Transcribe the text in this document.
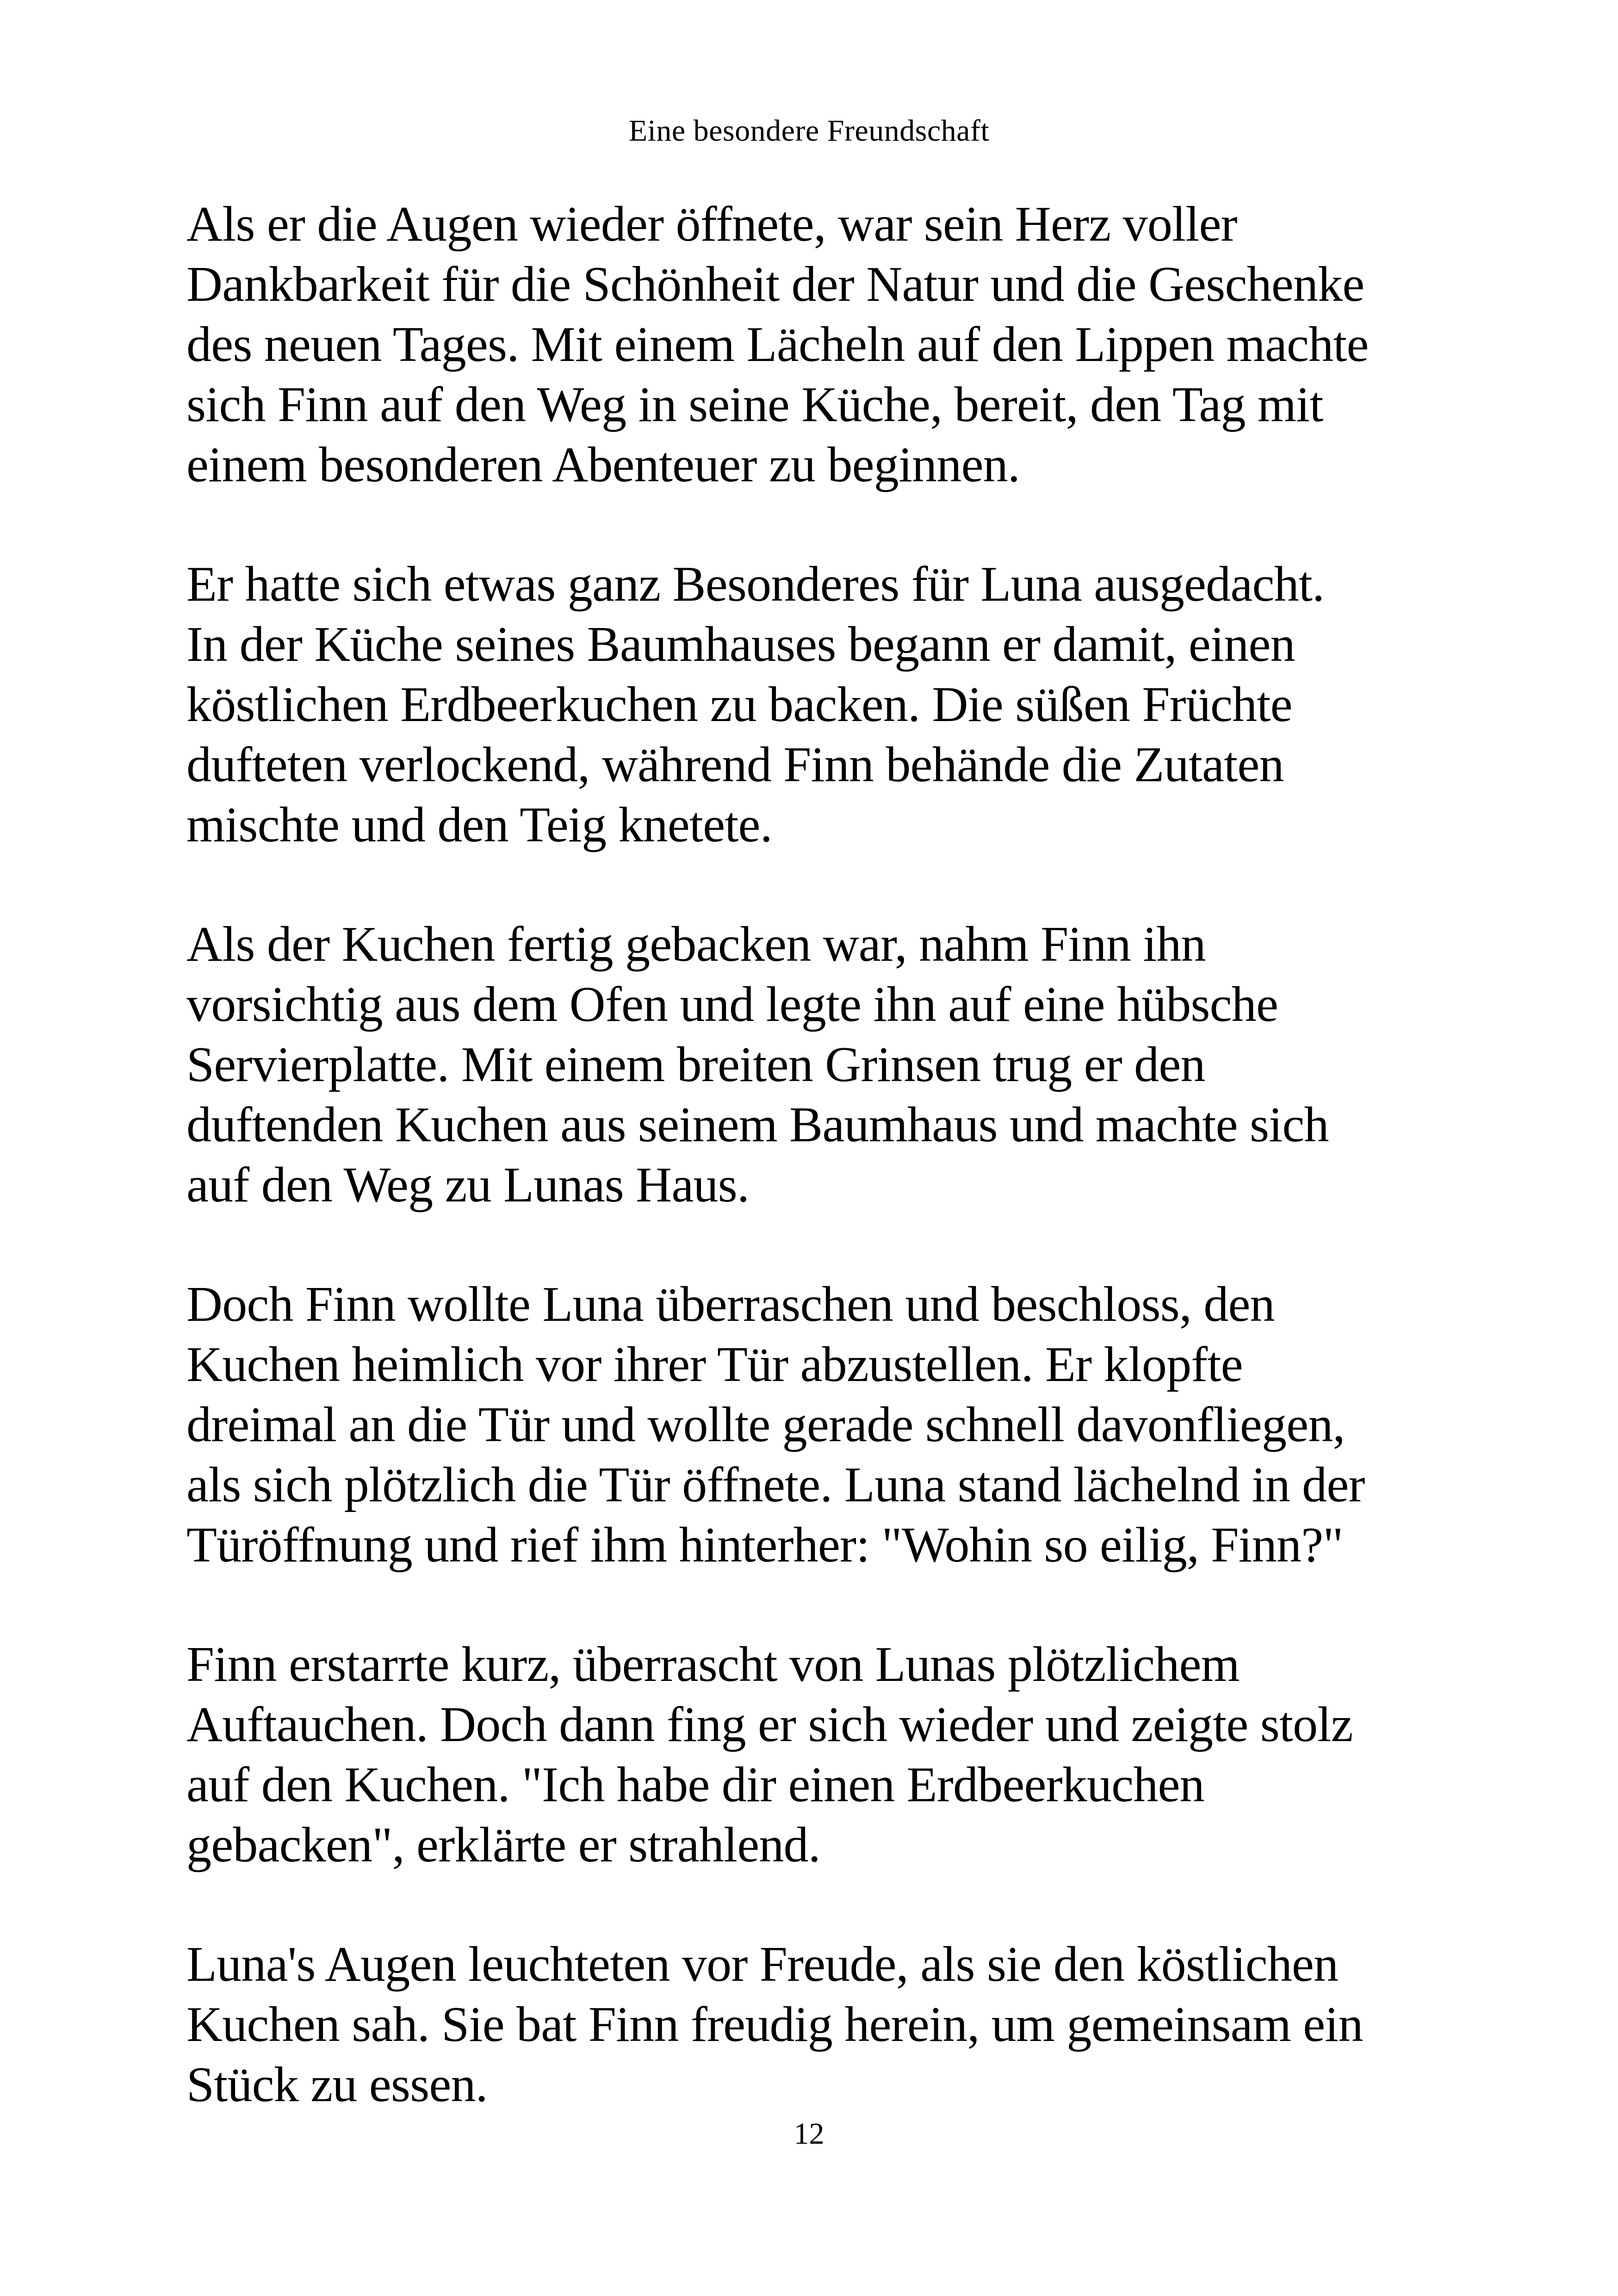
Eine besondere Freundschaft

Als er die Augen wieder öffnete, war sein Herz voller
Dankbarkeit für die Schönheit der Natur und die Geschenke
des neuen Tages. Mit einem Lächeln auf den Lippen machte
sich Finn auf den Weg in seine Küche, bereit, den Tag mit
einem besonderen Abenteuer zu beginnen.

Er hatte sich etwas ganz Besonderes für Luna ausgedacht.
In der Küche seines Baumhauses begann er damit, einen
köstlichen Erdbeerkuchen zu backen. Die süßen Früchte
dufteten verlockend, während Finn behände die Zutaten
mischte und den Teig knetete.

Als der Kuchen fertig gebacken war, nahm Finn ihn
vorsichtig aus dem Ofen und legte ihn auf eine hübsche
Servierplatte. Mit einem breiten Grinsen trug er den
duftenden Kuchen aus seinem Baumhaus und machte sich
auf den Weg zu Lunas Haus.

Doch Finn wollte Luna überraschen und beschloss, den
Kuchen heimlich vor ihrer Tür abzustellen. Er klopfte
dreimal an die Tür und wollte gerade schnell davonfliegen,
als sich plötzlich die Tür öffnete. Luna stand lächelnd in der
Türöffnung und rief ihm hinterher: "Wohin so eilig, Finn?"

Finn erstarrte kurz, überrascht von Lunas plötzlichem
Auftauchen. Doch dann fing er sich wieder und zeigte stolz
auf den Kuchen. "Ich habe dir einen Erdbeerkuchen
gebacken", erklärte er strahlend.

Luna's Augen leuchteten vor Freude, als sie den köstlichen
Kuchen sah. Sie bat Finn freudig herein, um gemeinsam ein
Stück zu essen.

12
